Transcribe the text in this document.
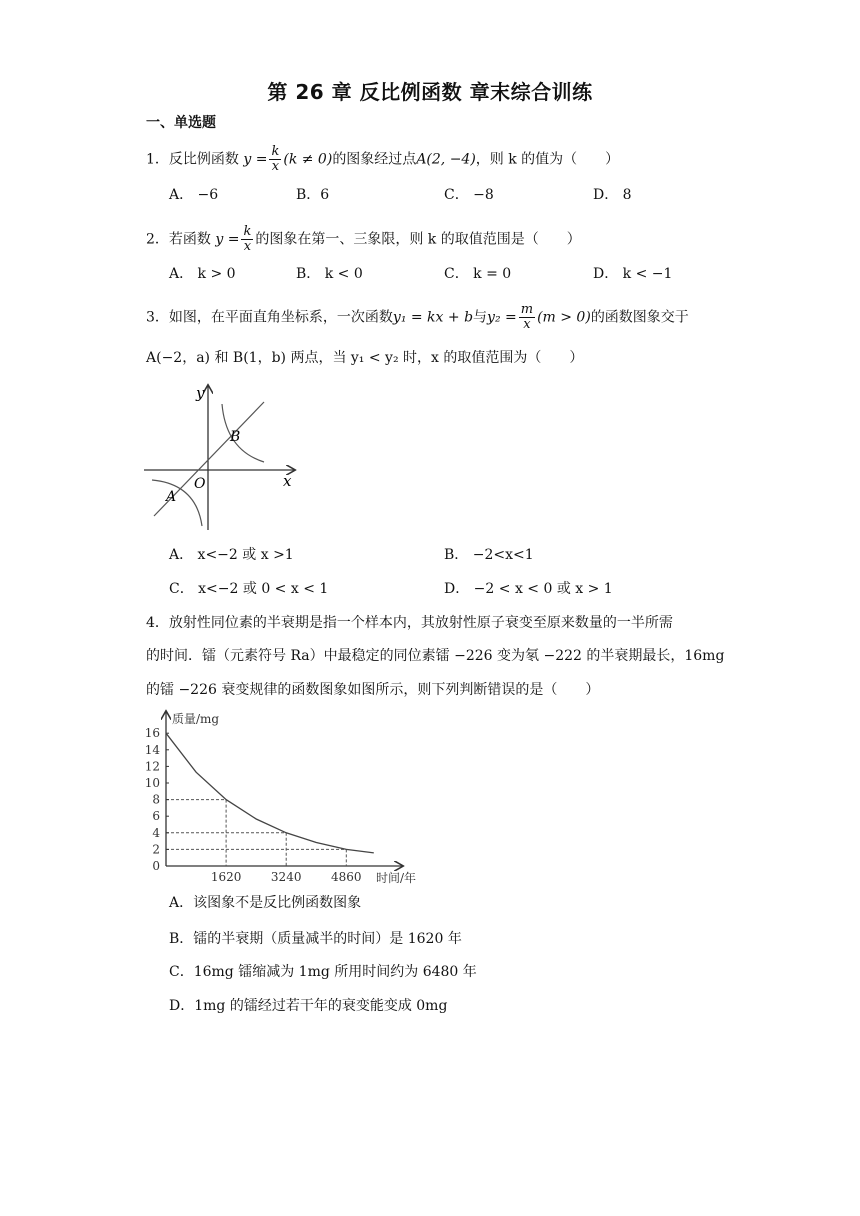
第 26 章 反比例函数 章末综合训练
一、单选题
1．反比例函数 $y = \frac{k}{x} (k \ne 0)$的图象经过点A(2, −4)，则 k 的值为（　　）
A． −6	B．6	C． −8	D． 8
2．若函数 $y = \frac{k}{x}$ 的图象在第一、三象限，则 k 的取值范围是（　　）
A． k > 0	B． k < 0	C． k = 0	D． k < −1
3．如图，在平面直角坐标系，一次函数y₁ = kx + b与$y_2 = \frac{m}{x} (m > 0)$的函数图象交于
A(−2，a) 和 B(1，b) 两点，当 y₁ < y₂ 时，x 的取值范围为（　　）
y
x
O
A
B
A． x<−2 或 x >1	B． −2<x<1
C． x<−2 或 0 < x < 1	D． −2 < x < 0 或 x > 1
4．放射性同位素的半衰期是指一个样本内，其放射性原子衰变至原来数量的一半所需
的时间．镭（元素符号 Ra）中最稳定的同位素镭 −226 变为氡 −222 的半衰期最长，16mg
的镭 −226 衰变规律的函数图象如图所示，则下列判断错误的是（　　）
0
2
4
6
8
10
12
14
16
1620 3240 4860
质量/mg
时间/年
A．该图象不是反比例函数图象
B．镭的半衰期（质量减半的时间）是 1620 年
C．16mg 镭缩减为 1mg 所用时间约为 6480 年
D．1mg 的镭经过若干年的衰变能变成 0mg
